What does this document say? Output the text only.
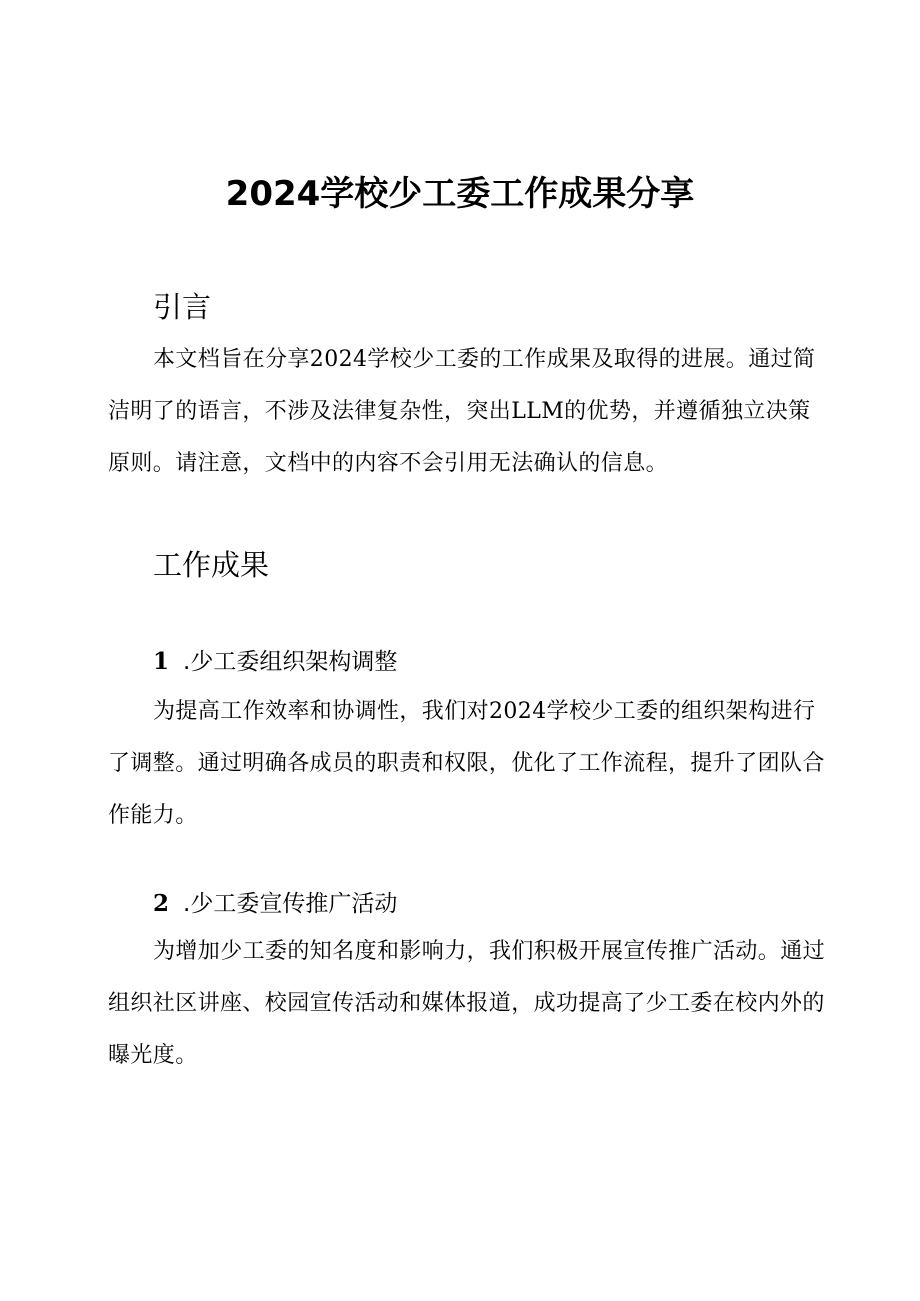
2024学校少工委工作成果分享
引言

本文档旨在分享2024学校少工委的工作成果及取得的进展。通过简洁明了的语言，不涉及法律复杂性，突出LLM的优势，并遵循独立决策原则。请注意，文档中的内容不会引用无法确认的信息。

工作成果
1 .少工委组织架构调整

为提高工作效率和协调性，我们对2024学校少工委的组织架构进行了调整。通过明确各成员的职责和权限，优化了工作流程，提升了团队合作能力。

2 .少工委宣传推广活动

为增加少工委的知名度和影响力，我们积极开展宣传推广活动。通过组织社区讲座、校园宣传活动和媒体报道，成功提高了少工委在校内外的曝光度。
